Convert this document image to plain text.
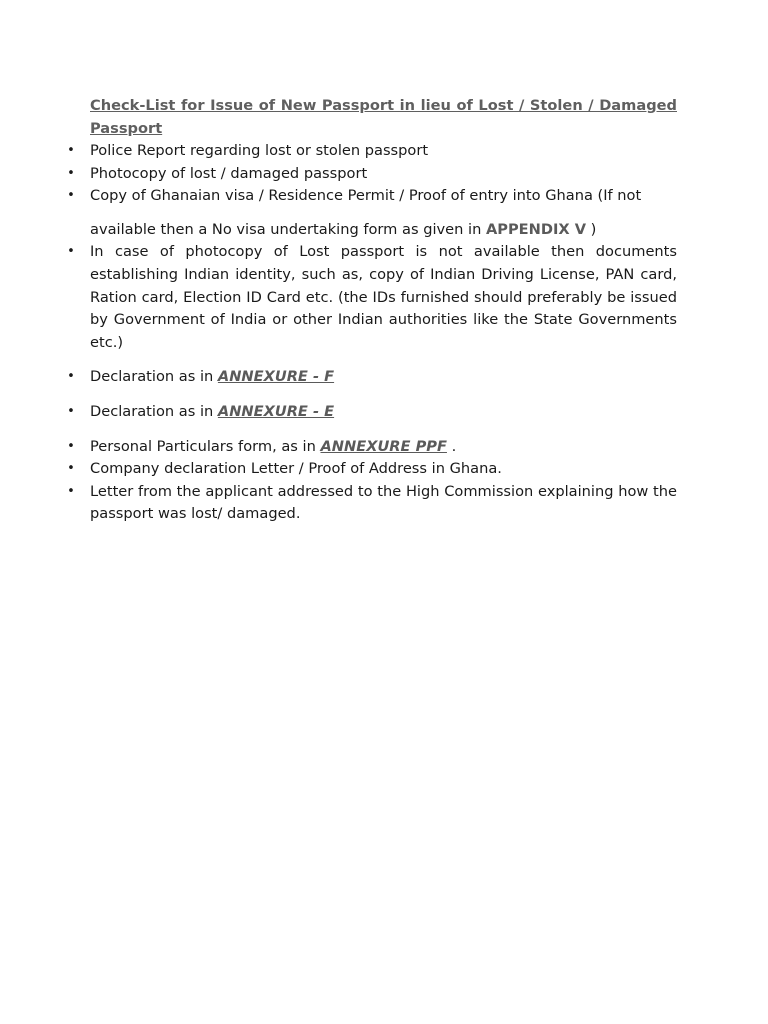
Check-List for Issue of New Passport in lieu of Lost / Stolen / Damaged Passport

• Police Report regarding lost or stolen passport
• Photocopy of lost / damaged passport
• Copy of Ghanaian visa / Residence Permit / Proof of entry into Ghana (If not
available then a No visa undertaking form as given in APPENDIX V )
• In case of photocopy of Lost passport is not available then documents establishing Indian identity, such as, copy of Indian Driving License, PAN card, Ration card, Election ID Card etc. (the IDs furnished should preferably be issued by Government of India or other Indian authorities like the State Governments etc.)
• Declaration as in ANNEXURE - F
• Declaration as in ANNEXURE - E
• Personal Particulars form, as in ANNEXURE PPF .
• Company declaration Letter / Proof of Address in Ghana.
• Letter from the applicant addressed to the High Commission explaining how the passport was lost/ damaged.
